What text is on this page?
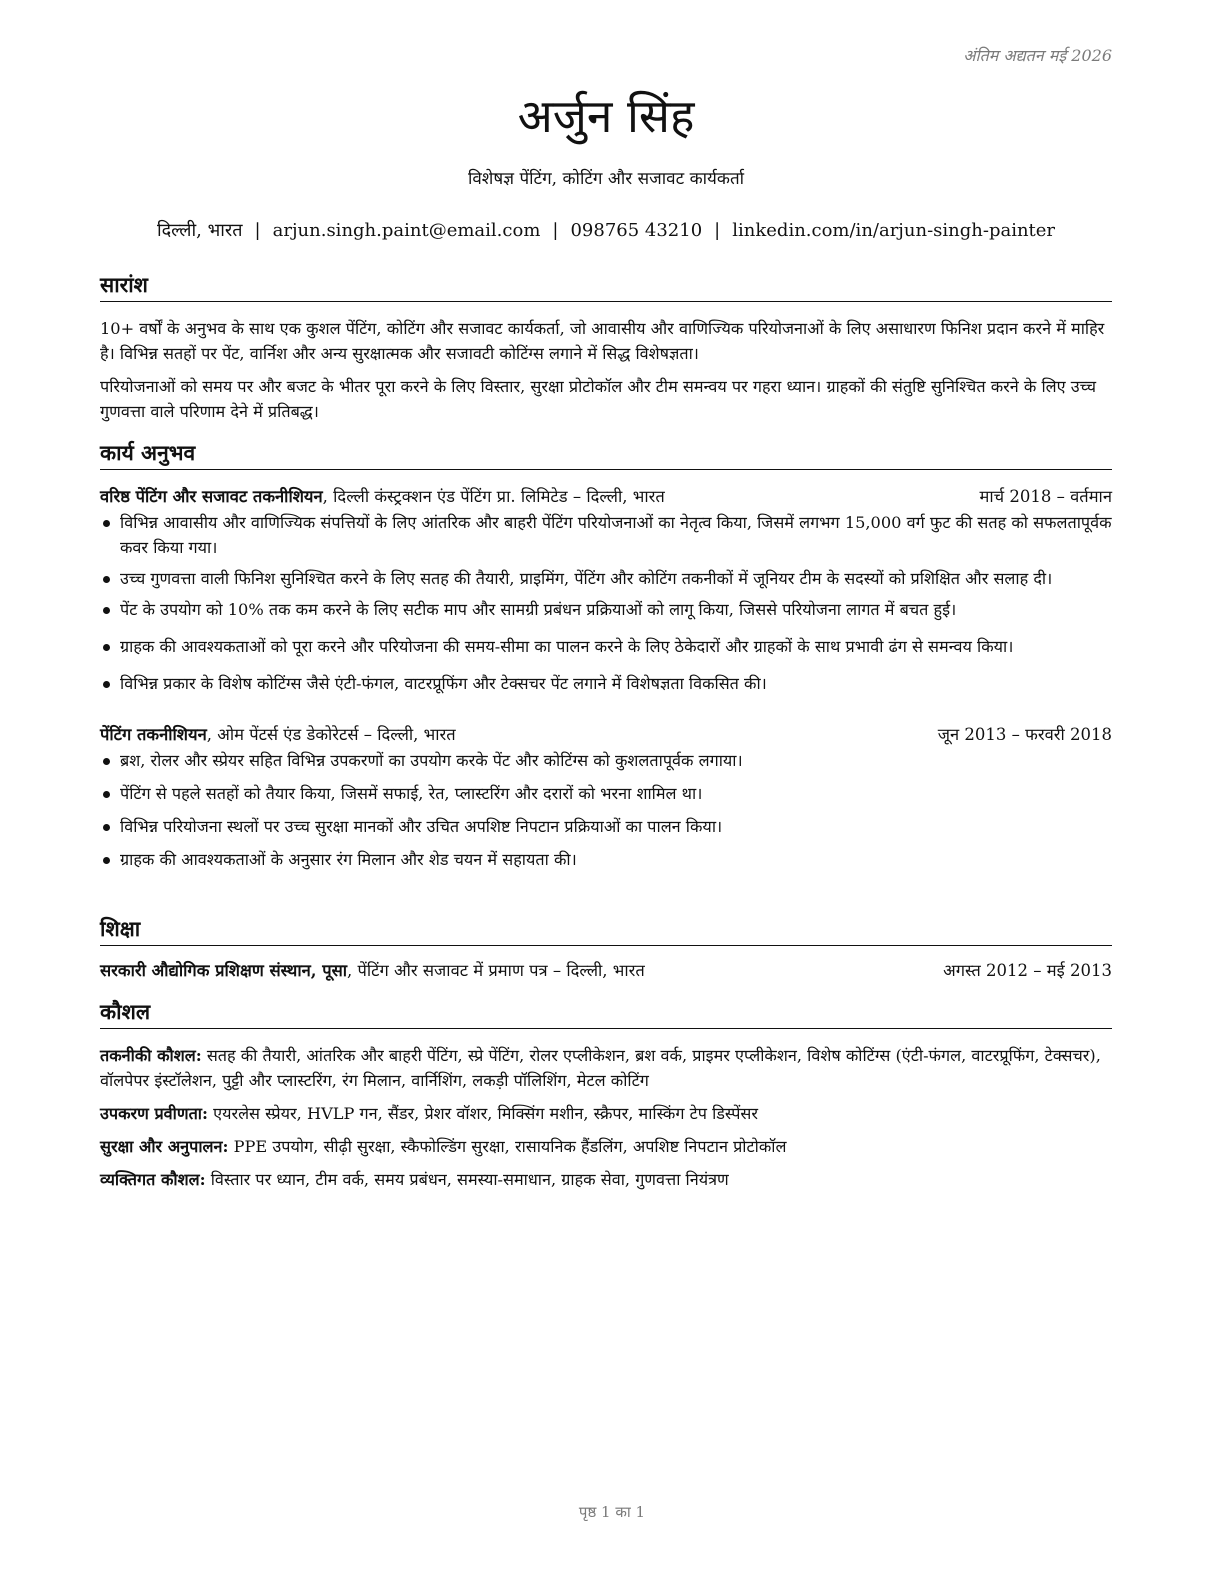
अंतिम अद्यतन मई 2026
अर्जुन सिंह
विशेषज्ञ पेंटिंग, कोटिंग और सजावट कार्यकर्ता
दिल्ली, भारत | arjun.singh.paint@email.com | 098765 43210 | linkedin.com/in/arjun-singh-painter
सारांश

10+ वर्षों के अनुभव के साथ एक कुशल पेंटिंग, कोटिंग और सजावट कार्यकर्ता, जो आवासीय और वाणिज्यिक परियोजनाओं के लिए असाधारण फिनिश प्रदान करने में माहिर है। विभिन्न सतहों पर पेंट, वार्निश और अन्य सुरक्षात्मक और सजावटी कोटिंग्स लगाने में सिद्ध विशेषज्ञता।

परियोजनाओं को समय पर और बजट के भीतर पूरा करने के लिए विस्तार, सुरक्षा प्रोटोकॉल और टीम समन्वय पर गहरा ध्यान। ग्राहकों की संतुष्टि सुनिश्चित करने के लिए उच्च गुणवत्ता वाले परिणाम देने में प्रतिबद्ध।

कार्य अनुभव
वरिष्ठ पेंटिंग और सजावट तकनीशियन, दिल्ली कंस्ट्रक्शन एंड पेंटिंग प्रा. लिमिटेड – दिल्ली, भारत	मार्च 2018 – वर्तमान
विभिन्न आवासीय और वाणिज्यिक संपत्तियों के लिए आंतरिक और बाहरी पेंटिंग परियोजनाओं का नेतृत्व किया, जिसमें लगभग 15,000 वर्ग फुट की सतह को सफलतापूर्वक कवर किया गया।
उच्च गुणवत्ता वाली फिनिश सुनिश्चित करने के लिए सतह की तैयारी, प्राइमिंग, पेंटिंग और कोटिंग तकनीकों में जूनियर टीम के सदस्यों को प्रशिक्षित और सलाह दी।
पेंट के उपयोग को 10% तक कम करने के लिए सटीक माप और सामग्री प्रबंधन प्रक्रियाओं को लागू किया, जिससे परियोजना लागत में बचत हुई।
ग्राहक की आवश्यकताओं को पूरा करने और परियोजना की समय-सीमा का पालन करने के लिए ठेकेदारों और ग्राहकों के साथ प्रभावी ढंग से समन्वय किया।
विभिन्न प्रकार के विशेष कोटिंग्स जैसे एंटी-फंगल, वाटरप्रूफिंग और टेक्सचर पेंट लगाने में विशेषज्ञता विकसित की।
पेंटिंग तकनीशियन, ओम पेंटर्स एंड डेकोरेटर्स – दिल्ली, भारत	जून 2013 – फरवरी 2018
ब्रश, रोलर और स्प्रेयर सहित विभिन्न उपकरणों का उपयोग करके पेंट और कोटिंग्स को कुशलतापूर्वक लगाया।
पेंटिंग से पहले सतहों को तैयार किया, जिसमें सफाई, रेत, प्लास्टरिंग और दरारों को भरना शामिल था।
विभिन्न परियोजना स्थलों पर उच्च सुरक्षा मानकों और उचित अपशिष्ट निपटान प्रक्रियाओं का पालन किया।
ग्राहक की आवश्यकताओं के अनुसार रंग मिलान और शेड चयन में सहायता की।
शिक्षा
सरकारी औद्योगिक प्रशिक्षण संस्थान, पूसा, पेंटिंग और सजावट में प्रमाण पत्र – दिल्ली, भारत	अगस्त 2012 – मई 2013
कौशल

तकनीकी कौशल: सतह की तैयारी, आंतरिक और बाहरी पेंटिंग, स्प्रे पेंटिंग, रोलर एप्लीकेशन, ब्रश वर्क, प्राइमर एप्लीकेशन, विशेष कोटिंग्स (एंटी-फंगल, वाटरप्रूफिंग, टेक्सचर), वॉलपेपर इंस्टॉलेशन, पुट्टी और प्लास्टरिंग, रंग मिलान, वार्निशिंग, लकड़ी पॉलिशिंग, मेटल कोटिंग

उपकरण प्रवीणता: एयरलेस स्प्रेयर, HVLP गन, सैंडर, प्रेशर वॉशर, मिक्सिंग मशीन, स्क्रैपर, मास्किंग टेप डिस्पेंसर

सुरक्षा और अनुपालन: PPE उपयोग, सीढ़ी सुरक्षा, स्कैफोल्डिंग सुरक्षा, रासायनिक हैंडलिंग, अपशिष्ट निपटान प्रोटोकॉल

व्यक्तिगत कौशल: विस्तार पर ध्यान, टीम वर्क, समय प्रबंधन, समस्या-समाधान, ग्राहक सेवा, गुणवत्ता नियंत्रण

पृष्ठ 1 का 1
